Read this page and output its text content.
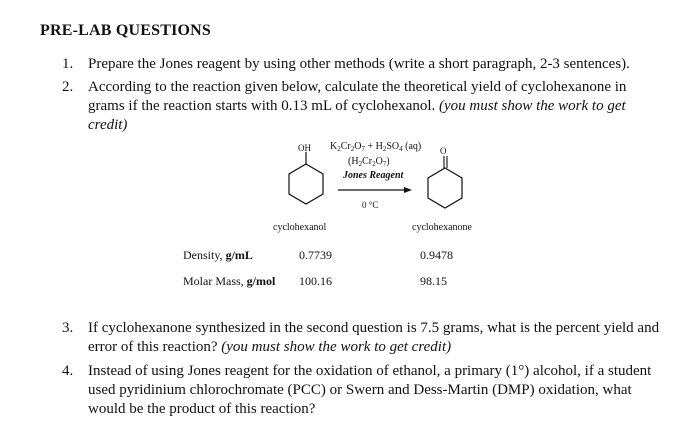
PRE-LAB QUESTIONS
1. Prepare the Jones reagent by using other methods (write a short paragraph, 2-3 sentences).
2. According to the reaction given below, calculate the theoretical yield of cyclohexanone in grams if the reaction starts with 0.13 mL of cyclohexanol. (you must show the work to get credit)
OH	O
$K_2Cr_2O_7 + H_2SO_4$ (aq)
$(H_2Cr_2O_7)$
Jones Reagent
0 °C
cyclohexanol	cyclohexanone
Density, g/mL	0.7739	0.9478
Molar Mass, g/mol 100.16	98.15
3. If cyclohexanone synthesized in the second question is 7.5 grams, what is the percent yield and error of this reaction? (you must show the work to get credit)
4. Instead of using Jones reagent for the oxidation of ethanol, a primary (1°) alcohol, if a student used pyridinium chlorochromate (PCC) or Swern and Dess-Martin (DMP) oxidation, what would be the product of this reaction?
